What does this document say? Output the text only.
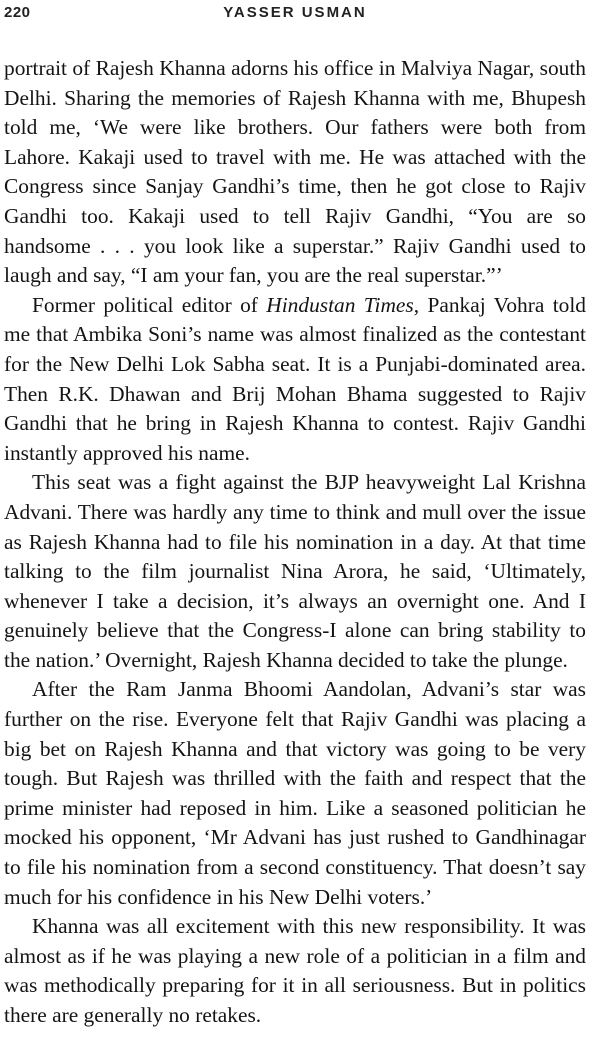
220	YASSER USMAN

portrait of Rajesh Khanna adorns his office in Malviya Nagar, south Delhi. Sharing the memories of Rajesh Khanna with me, Bhupesh told me, ‘We were like brothers. Our fathers were both from Lahore. Kakaji used to travel with me. He was attached with the Congress since Sanjay Gandhi’s time, then he got close to Rajiv Gandhi too. Kakaji used to tell Rajiv Gandhi, “You are so handsome . . . you look like a superstar.” Rajiv Gandhi used to laugh and say, “I am your fan, you are the real superstar.”’

Former political editor of Hindustan Times, Pankaj Vohra told me that Ambika Soni’s name was almost finalized as the contestant for the New Delhi Lok Sabha seat. It is a Punjabi-dominated area. Then R.K. Dhawan and Brij Mohan Bhama suggested to Rajiv Gandhi that he bring in Rajesh Khanna to contest. Rajiv Gandhi instantly approved his name.

This seat was a fight against the BJP heavyweight Lal Krishna Advani. There was hardly any time to think and mull over the issue as Rajesh Khanna had to file his nomination in a day. At that time talking to the film journalist Nina Arora, he said, ‘Ultimately, whenever I take a decision, it’s always an overnight one. And I genuinely believe that the Congress-I alone can bring stability to the nation.’ Overnight, Rajesh Khanna decided to take the plunge.

After the Ram Janma Bhoomi Aandolan, Advani’s star was further on the rise. Everyone felt that Rajiv Gandhi was placing a big bet on Rajesh Khanna and that victory was going to be very tough. But Rajesh was thrilled with the faith and respect that the prime minister had reposed in him. Like a seasoned politician he mocked his opponent, ‘Mr Advani has just rushed to Gandhinagar to file his nomination from a second constituency. That doesn’t say much for his confidence in his New Delhi voters.’

Khanna was all excitement with this new responsibility. It was almost as if he was playing a new role of a politician in a film and was methodically preparing for it in all seriousness. But in politics there are generally no retakes.
